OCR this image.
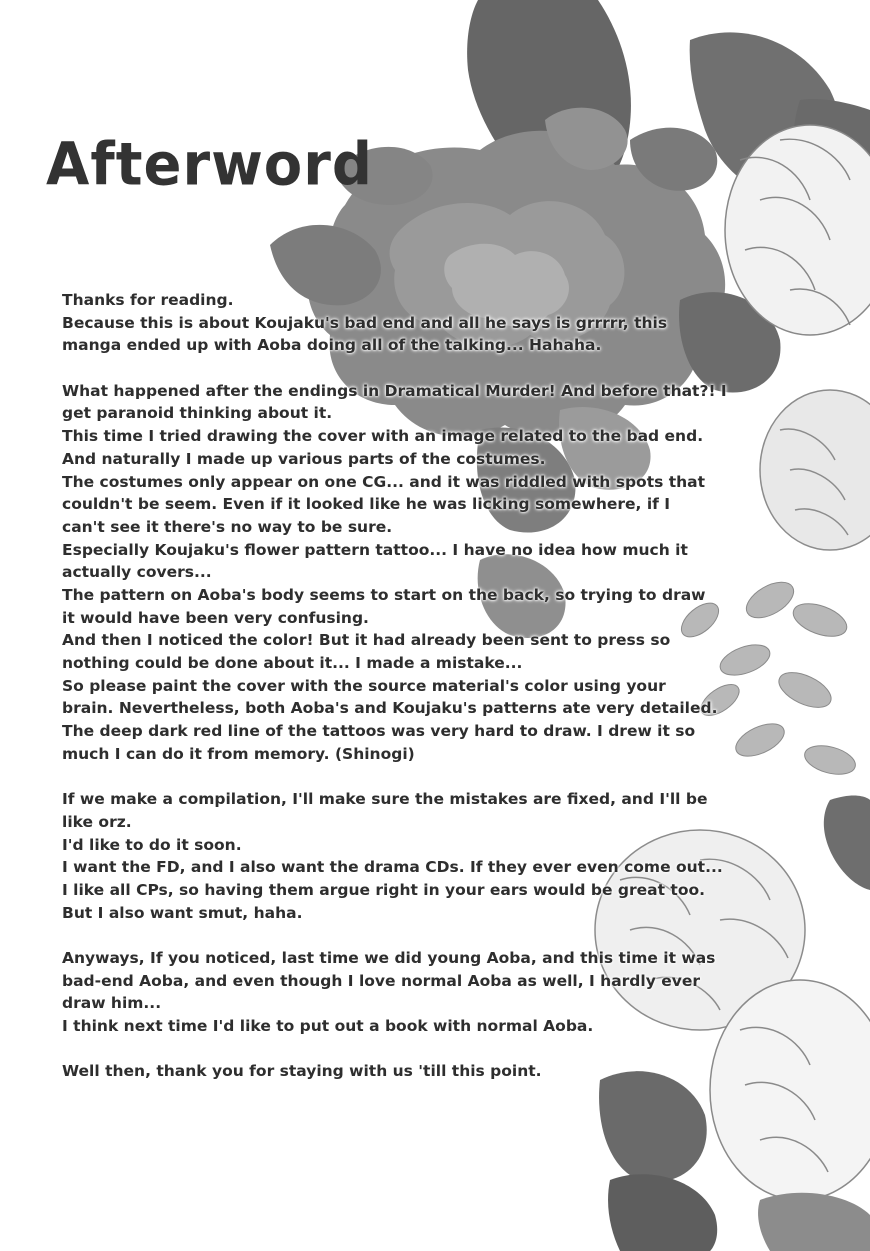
Afterword
Thanks for reading.
Because this is about Koujaku's bad end and all he says is grrrrr, this
manga ended up with Aoba doing all of the talking... Hahaha.
What happened after the endings in Dramatical Murder! And before that?! I
get paranoid thinking about it.
This time I tried drawing the cover with an image related to the bad end.
And naturally I made up various parts of the costumes.
The costumes only appear on one CG... and it was riddled with spots that
couldn't be seem. Even if it looked like he was licking somewhere, if I
can't see it there's no way to be sure.
Especially Koujaku's flower pattern tattoo... I have no idea how much it
actually covers...
The pattern on Aoba's body seems to start on the back, so trying to draw
it would have been very confusing.
And then I noticed the color! But it had already been sent to press so
nothing could be done about it... I made a mistake...
So please paint the cover with the source material's color using your
brain. Nevertheless, both Aoba's and Koujaku's patterns ate very detailed.
The deep dark red line of the tattoos was very hard to draw. I drew it so
much I can do it from memory. (Shinogi)
If we make a compilation, I'll make sure the mistakes are fixed, and I'll be
like orz.
I'd like to do it soon.
I want the FD, and I also want the drama CDs. If they ever even come out...
I like all CPs, so having them argue right in your ears would be great too.
But I also want smut, haha.
Anyways, If you noticed, last time we did young Aoba, and this time it was
bad-end Aoba, and even though I love normal Aoba as well, I hardly ever
draw him...
I think next time I'd like to put out a book with normal Aoba.
Well then, thank you for staying with us 'till this point.
